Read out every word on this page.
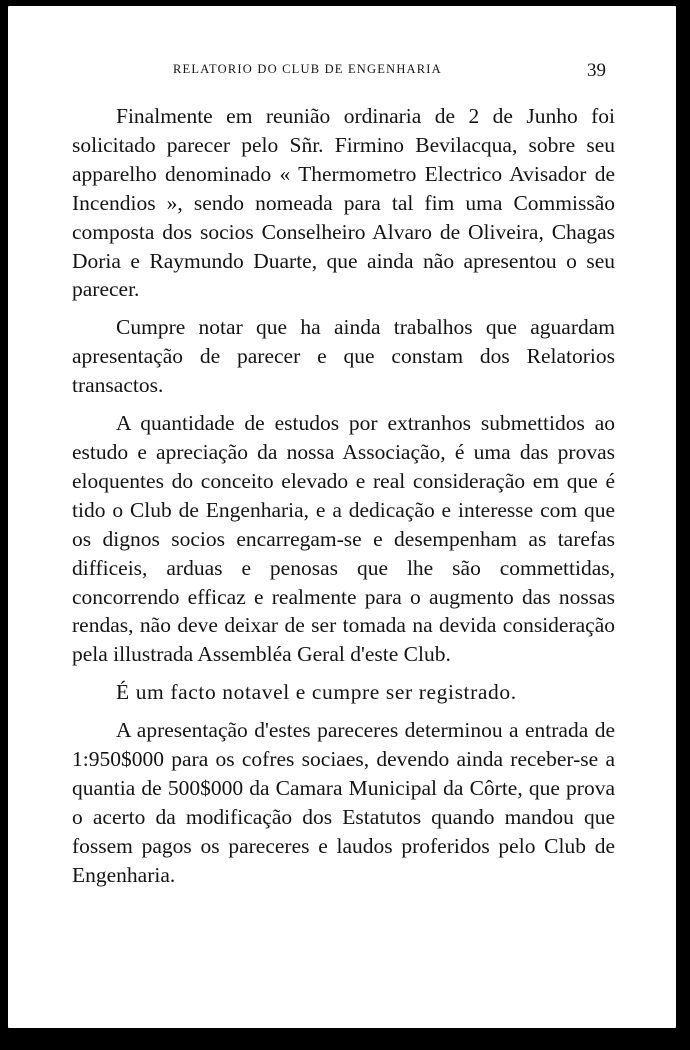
RELATORIO DO CLUB DE ENGENHARIA	39

Finalmente em reunião ordinaria de 2 de Junho foi solicitado parecer pelo Sñr. Firmino Bevilacqua, sobre seu apparelho denominado « Thermometro Electrico Avisador de Incendios », sendo nomeada para tal fim uma Commissão composta dos socios Conselheiro Alvaro de Oliveira, Chagas Doria e Raymundo Duarte, que ainda não apresentou o seu parecer.

Cumpre notar que ha ainda trabalhos que aguardam apresentação de parecer e que constam dos Relatorios transactos.

A quantidade de estudos por extranhos submettidos ao estudo e apreciação da nossa Associação, é uma das provas eloquentes do conceito elevado e real consideração em que é tido o Club de Engenharia, e a dedicação e interesse com que os dignos socios encarregam-se e desempenham as tarefas difficeis, arduas e penosas que lhe são commettidas, concorrendo efficaz e realmente para o augmento das nossas rendas, não deve deixar de ser tomada na devida consideração pela illustrada Assembléa Geral d'este Club.

É um facto notavel e cumpre ser registrado.

A apresentação d'estes pareceres determinou a entrada de 1:950$000 para os cofres sociaes, devendo ainda receber-se a quantia de 500$000 da Camara Municipal da Côrte, que prova o acerto da modificação dos Estatutos quando mandou que fossem pagos os pareceres e laudos proferidos pelo Club de Engenharia.
